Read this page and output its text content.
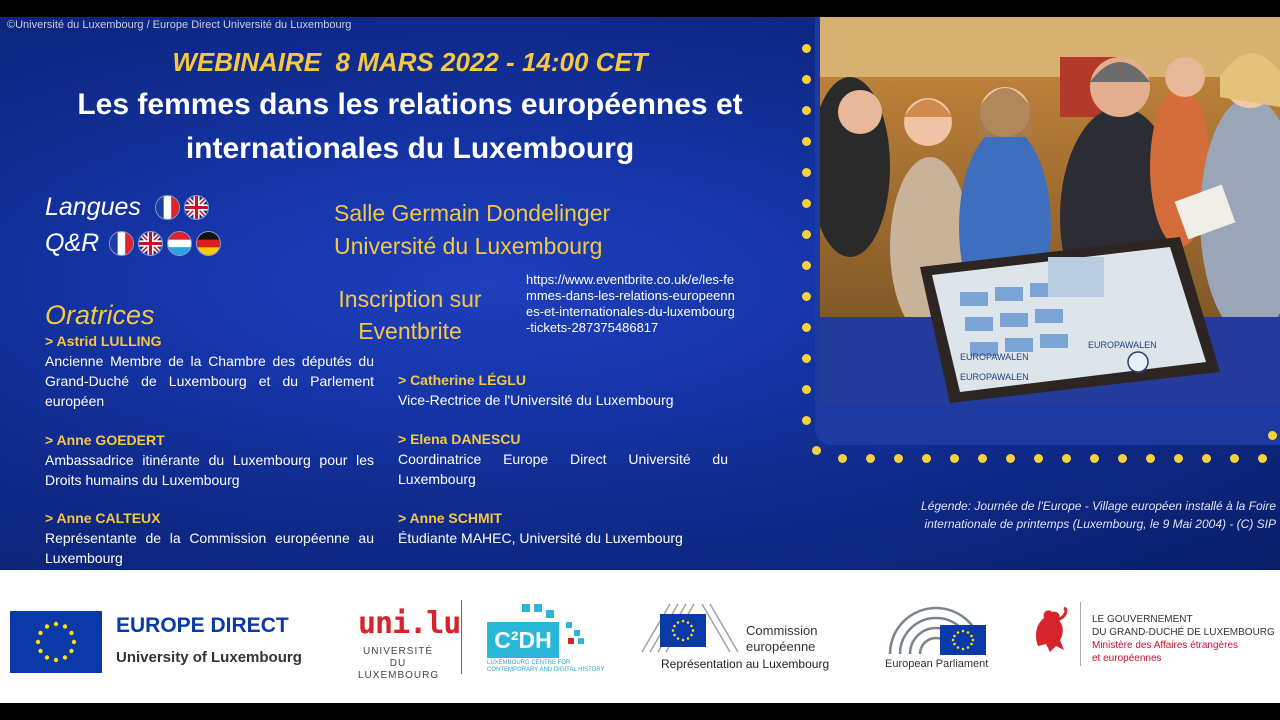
©Université du Luxembourg / Europe Direct Université du Luxembourg
WEBINAIRE  8 MARS 2022 - 14:00 CET
Les femmes dans les relations européennes et internationales du Luxembourg
Langues
Q&R
Salle Germain Dondelinger
Université du Luxembourg
Inscription sur
Eventbrite
https://www.eventbrite.co.uk/e/les-femmes-dans-les-relations-europeennes-et-internationales-du-luxembourg-tickets-287375486817
Oratrices
> Astrid LULLING
Ancienne Membre de la Chambre des députés du Grand-Duché de Luxembourg et du Parlement européen
> Anne GOEDERT
Ambassadrice itinérante du Luxembourg pour les Droits humains du Luxembourg
> Anne CALTEUX
Représentante de la Commission européenne au Luxembourg
> Catherine LÉGLU
Vice-Rectrice de l'Université du Luxembourg
> Elena DANESCU
Coordinatrice Europe Direct Université du Luxembourg
> Anne SCHMIT
Étudiante MAHEC, Université du Luxembourg
EUROPAWALEN
EUROPAWALEN
EUROPAWALEN
Légende: Journée de l'Europe - Village européen installé à la Foire internationale de printemps (Luxembourg, le 9 Mai 2004) - (C) SIP
EUROPE DIRECT
University of Luxembourg
uni.lu
UNIVERSITÉ DU LUXEMBOURG
C²DH
LUXEMBOURG CENTRE FOR CONTEMPORARY AND DIGITAL HISTORY
Commission
européenne
Représentation au Luxembourg	European Parliament
LE GOUVERNEMENT
DU GRAND-DUCHÉ DE LUXEMBOURG
Ministère des Affaires étrangères
et européennes
